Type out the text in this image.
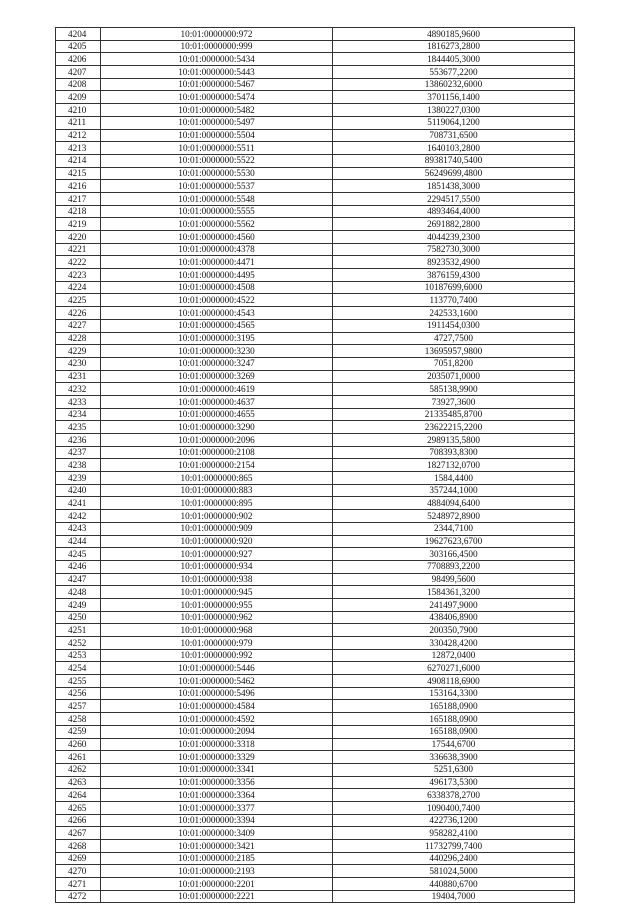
4204	10:01:0000000:972	4890185,9600
4205	10:01:0000000:999	1816273,2800
4206	10:01:0000000:5434	1844405,3000
4207	10:01:0000000:5443	553677,2200
4208	10:01:0000000:5467	13860232,6000
4209	10:01:0000000:5474	3701156,1400
4210	10:01:0000000:5482	1380227,0300
4211	10:01:0000000:5497	5119064,1200
4212	10:01:0000000:5504	708731,6500
4213	10:01:0000000:5511	1640103,2800
4214	10:01:0000000:5522	89381740,5400
4215	10:01:0000000:5530	56249699,4800
4216	10:01:0000000:5537	1851438,3000
4217	10:01:0000000:5548	2294517,5500
4218	10:01:0000000:5555	4893464,4000
4219	10:01:0000000:5562	2691882,2800
4220	10:01:0000000:4560	4044239,2300
4221	10:01:0000000:4378	7582730,3000
4222	10:01:0000000:4471	8923532,4900
4223	10:01:0000000:4495	3876159,4300
4224	10:01:0000000:4508	10187699,6000
4225	10:01:0000000:4522	113770,7400
4226	10:01:0000000:4543	242533,1600
4227	10:01:0000000:4565	1911454,0300
4228	10:01:0000000:3195	4727,7500
4229	10:01:0000000:3230	13695957,9800
4230	10:01:0000000:3247	7051,8200
4231	10:01:0000000:3269	2035071,0000
4232	10:01:0000000:4619	585138,9900
4233	10:01:0000000:4637	73927,3600
4234	10:01:0000000:4655	21335485,8700
4235	10:01:0000000:3290	23622215,2200
4236	10:01:0000000:2096	2989135,5800
4237	10:01:0000000:2108	708393,8300
4238	10:01:0000000:2154	1827132,0700
4239	10:01:0000000:865	1584,4400
4240	10:01:0000000:883	357244,1000
4241	10:01:0000000:895	4884094,6400
4242	10:01:0000000:902	5248972,8900
4243	10:01:0000000:909	2344,7100
4244	10:01:0000000:920	19627623,6700
4245	10:01:0000000:927	303166,4500
4246	10:01:0000000:934	7708893,2200
4247	10:01:0000000:938	98499,5600
4248	10:01:0000000:945	1584361,3200
4249	10:01:0000000:955	241497,9000
4250	10:01:0000000:962	438406,8900
4251	10:01:0000000:968	200350,7900
4252	10:01:0000000:979	330428,4200
4253	10:01:0000000:992	12872,0400
4254	10:01:0000000:5446	6270271,6000
4255	10:01:0000000:5462	4908118,6900
4256	10:01:0000000:5496	153164,3300
4257	10:01:0000000:4584	165188,0900
4258	10:01:0000000:4592	165188,0900
4259	10:01:0000000:2094	165188,0900
4260	10:01:0000000:3318	17544,6700
4261	10:01:0000000:3329	336638,3900
4262	10:01:0000000:3341	5251,6300
4263	10:01:0000000:3356	496173,5300
4264	10:01:0000000:3364	6338378,2700
4265	10:01:0000000:3377	1090400,7400
4266	10:01:0000000:3394	422736,1200
4267	10:01:0000000:3409	958282,4100
4268	10:01:0000000:3421	11732799,7400
4269	10:01:0000000:2185	440296,2400
4270	10:01:0000000:2193	581024,5000
4271	10:01:0000000:2201	440880,6700
4272	10:01:0000000:2221	19404,7000
